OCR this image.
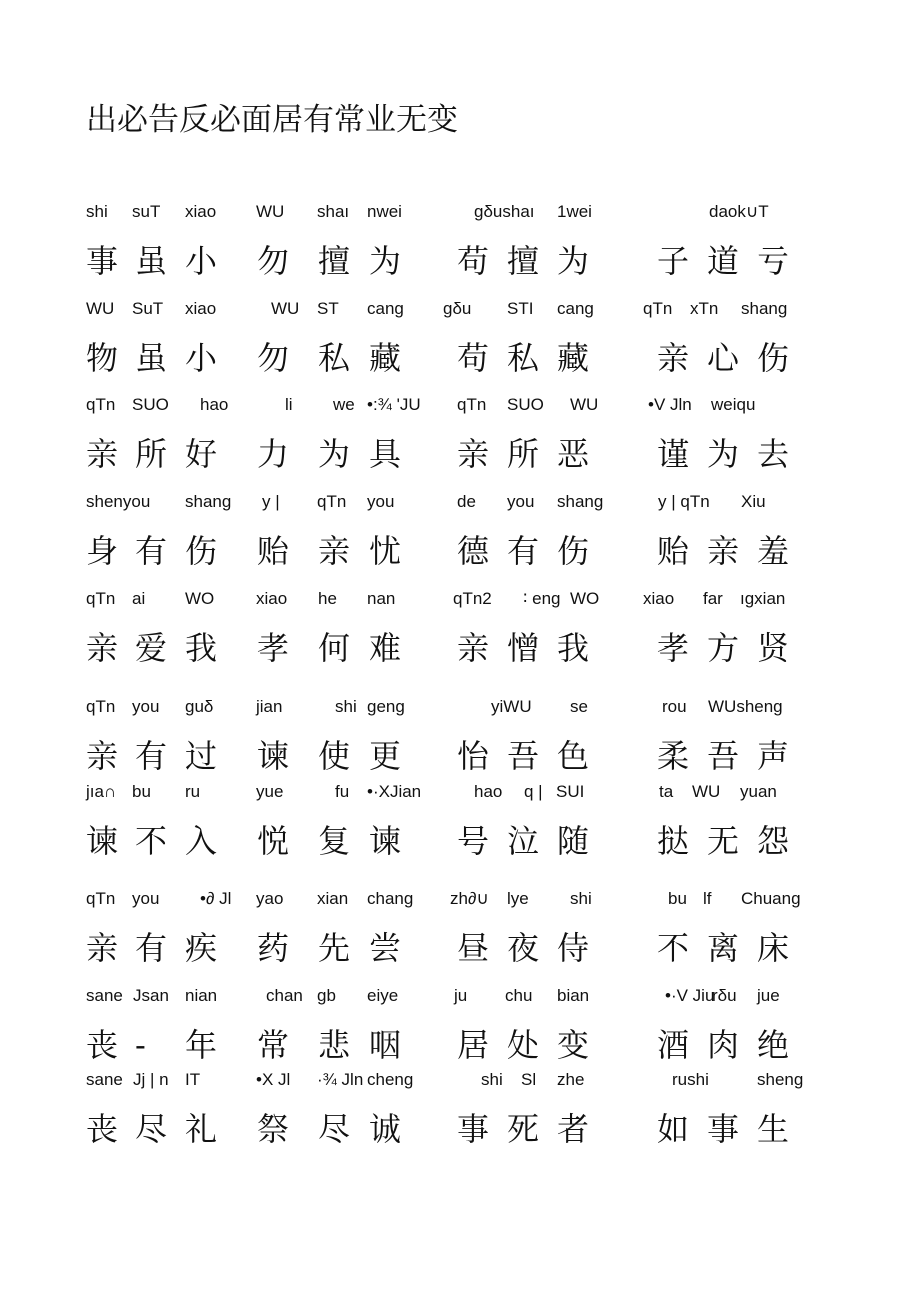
出必告反必面居有常业无变
shi suT xiao WU shaı nwei	gδushaı 1wei	daok∪T
事 虽 小 勿 擅 为 苟 擅 为 子 道 亏
WU SuT xiao	WU ST cang gδu STI cang	qTn xTn shang
物 虽 小 勿 私 藏 苟 私 藏 亲 心 伤
qTn SUO hao	li we •:¾ 'JU qTn SUO WU	•V Jln weiqu
亲 所 好 力 为 具 亲 所 恶 谨 为 去
shenyou shang y | qTn you	de you shang	y | qTn Xiu
身 有 伤 贻 亲 忧 德 有 伤 贻 亲 羞
qTn ai WO xiao he nan	qTn2 ∶ eng WO	xiao far ıgxian
亲 爱 我 孝 何 难 亲 憎 我 孝 方 贤
qTn you guδ	jian	shi geng	yiWU se	rou WUsheng
亲 有 过 谏 使 更 怡 吾 色 柔 吾 声
jıa∩ bu ru	yue	fu •·XJian	hao q | SUI	ta WU yuan
谏 不 入 悦 复 谏 号 泣 随 挞 无 怨
qTn you •∂ Jl yao xian chang zh∂∪ lye shi	bu lf Chuang
亲 有 疾 药 先 尝 昼 夜 侍 不 离 床
sane Jsan nian	chan gb eiye	ju chu bian	•·V Jiu
rδu jue
丧 - 年 常 悲 咽 居 处 变 酒 肉 绝
sane Jj | n IT	•X Jl ·¾ Jln cheng	shi Sl zhe	rushi	sheng
丧 尽 礼 祭 尽 诚 事 死 者 如 事 生
